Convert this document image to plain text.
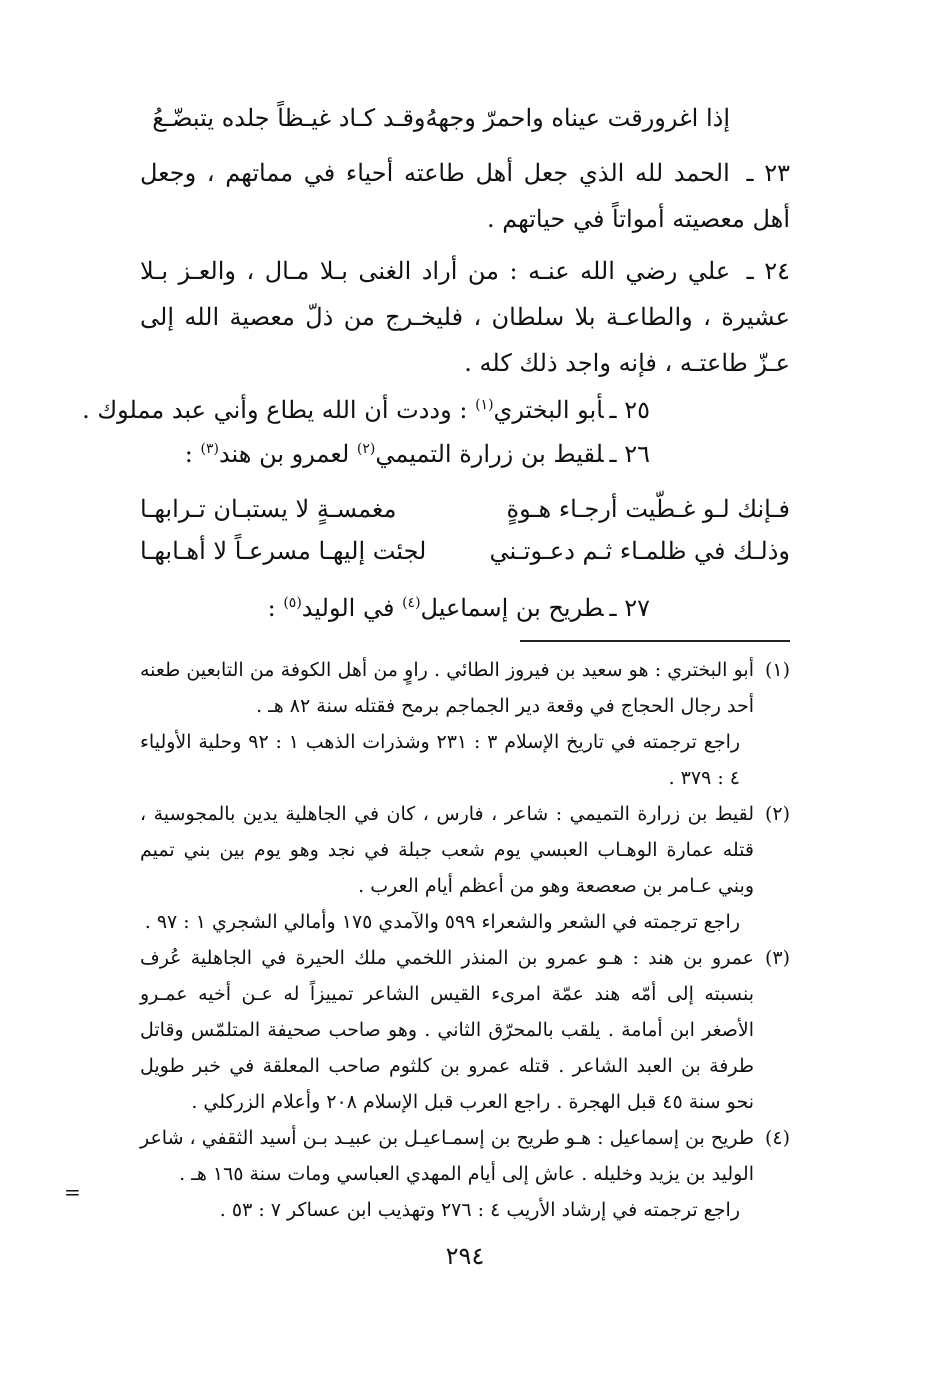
إذا اغرورقت عيناه واحمرّ وجههُ
وقـد كـاد غيـظاً جلده يتبضّـعُ
٢٣ ـ الحمد لله الذي جعل أهل طاعته أحياء في مماتهم ، وجعل أهل معصيته أمواتاً في حياتهم .
٢٤ ـ علي رضي الله عنـه : من أراد الغنى بـلا مـال ، والعـز بـلا عشيرة ، والطاعـة بلا سلطان ، فليخـرج من ذلّ معصية الله إلى عـزّ طاعتـه ، فإنه واجد ذلك كله .
٢٥ ـأبو البختري$^{(١)}$ : وددت أن الله يطاع وأني عبد مملوك .
٢٦ ـلقيط بن زرارة التميمي$^{(٢)}$ لعمرو بن هند$^{(٣)}$ :
فـإنك لـو غـطّيت أرجـاء هـوةٍ
مغمسـةٍ لا يستبـان تـرابهـا
وذلـك في ظلمـاء ثـم دعـوتـني
لجئت إليهـا مسرعـاً لا أهـابهـا
٢٧ ـطريح بن إسماعيل$^{(٤)}$ في الوليد$^{(٥)}$ :
(١)
أبو البختري : هو سعيد بن فيروز الطائي . راوٍ من أهل الكوفة من التابعين طعنه أحد رجال الحجاج في وقعة دير الجماجم برمح فقتله سنة ٨٢ هـ .
راجع ترجمته في تاريخ الإسلام ٣ : ٢٣١ وشذرات الذهب ١ : ٩٢ وحلية الأولياء ٤ : ٣٧٩ .
(٢)
لقيط بن زرارة التميمي : شاعر ، فارس ، كان في الجاهلية يدين بالمجوسية ، قتله عمارة الوهـاب العبسي يوم شعب جبلة في نجد وهو يوم بين بني تميم وبني عـامر بن صعصعة وهو من أعظم أيام العرب .
راجع ترجمته في الشعر والشعراء ٥٩٩ والآمدي ١٧٥ وأمالي الشجري ١ : ٩٧ .
(٣)
عمرو بن هند : هـو عمرو بن المنذر اللخمي ملك الحيرة في الجاهلية عُرف بنسبته إلى أمّه هند عمّة امرىء القيس الشاعر تمييزاً له عـن أخيه عمـرو الأصغر ابن أمامة . يلقب بالمحرّق الثاني . وهو صاحب صحيفة المتلمّس وقاتل طرفة بن العبد الشاعر . قتله عمرو بن كلثوم صاحب المعلقة في خبر طويل نحو سنة ٤٥ قبل الهجرة . راجع العرب قبل الإسلام ٢٠٨ وأعلام الزركلي .
(٤)
طريح بن إسماعيل : هـو طريح بن إسمـاعيـل بن عبيـد بـن أسيد الثقفي ، شاعر الوليد بن يزيد وخليله . عاش إلى أيام المهدي العباسي ومات سنة ١٦٥ هـ .
راجع ترجمته في إرشاد الأريب ٤ : ٢٧٦ وتهذيب ابن عساكر ٧ : ٥٣ .
=
٢٩٤
